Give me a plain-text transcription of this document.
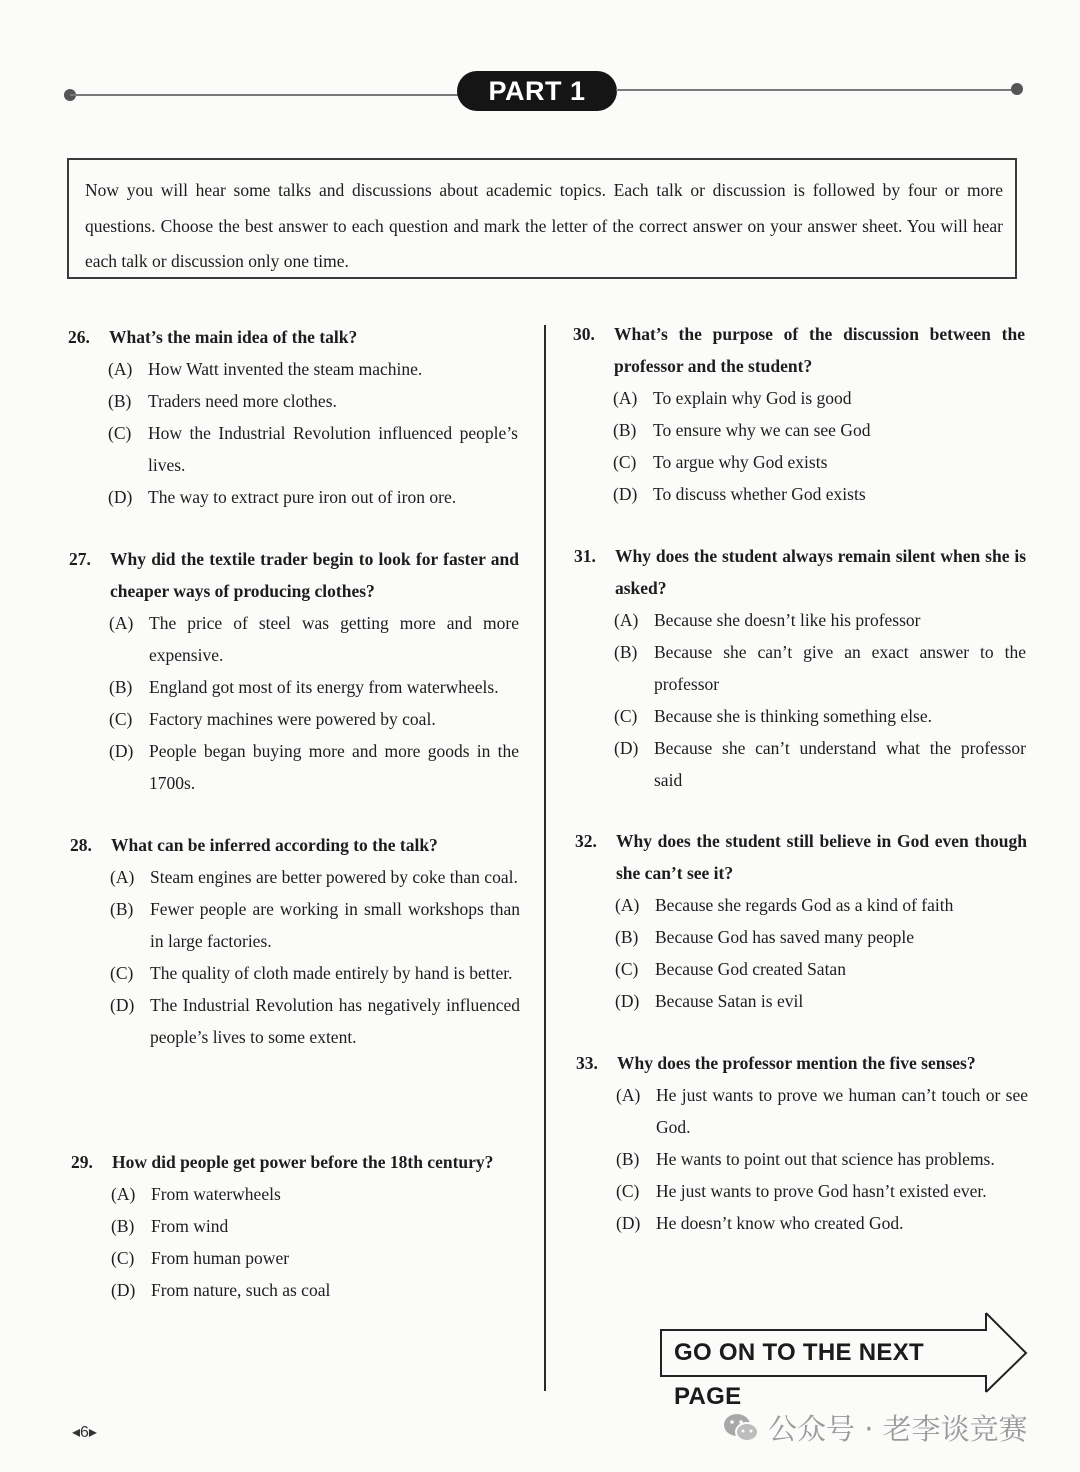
PART 1
Now you will hear some talks and discussions about academic topics. Each talk or discussion is followed by four or more questions. Choose the best answer to each question and mark the letter of the correct answer on your answer sheet. You will hear each talk or discussion only one time.
26. What’s the main idea of the talk?
(A) How Watt invented the steam machine.
(B) Traders need more clothes.
(C) How the Industrial Revolution influenced people’s lives.
(D) The way to extract pure iron out of iron ore.
27. Why did the textile trader begin to look for faster and cheaper ways of producing clothes?
(A) The price of steel was getting more and more expensive.
(B) England got most of its energy from waterwheels.
(C) Factory machines were powered by coal.
(D) People began buying more and more goods in the 1700s.
28. What can be inferred according to the talk?
(A) Steam engines are better powered by coke than coal.
(B) Fewer people are working in small workshops than in large factories.
(C) The quality of cloth made entirely by hand is better.
(D) The Industrial Revolution has negatively influenced people’s lives to some extent.
29. How did people get power before the 18th century?
(A) From waterwheels
(B) From wind
(C) From human power
(D) From nature, such as coal
30. What’s the purpose of the discussion between the professor and the student?
(A) To explain why God is good
(B) To ensure why we can see God
(C) To argue why God exists
(D) To discuss whether God exists
31. Why does the student always remain silent when she is asked?
(A) Because she doesn’t like his professor
(B) Because she can’t give an exact answer to the professor
(C) Because she is thinking something else.
(D) Because she can’t understand what the professor said
32. Why does the student still believe in God even though she can’t see it?
(A) Because she regards God as a kind of faith
(B) Because God has saved many people
(C) Because God created Satan
(D) Because Satan is evil
33. Why does the professor mention the five senses?
(A) He just wants to prove we human can’t touch or see God.
(B) He wants to point out that science has problems.
(C) He just wants to prove God hasn’t existed ever.
(D) He doesn’t know who created God.
GO ON TO THE NEXT PAGE
◂6▸	公众号 · 老李谈竞赛
